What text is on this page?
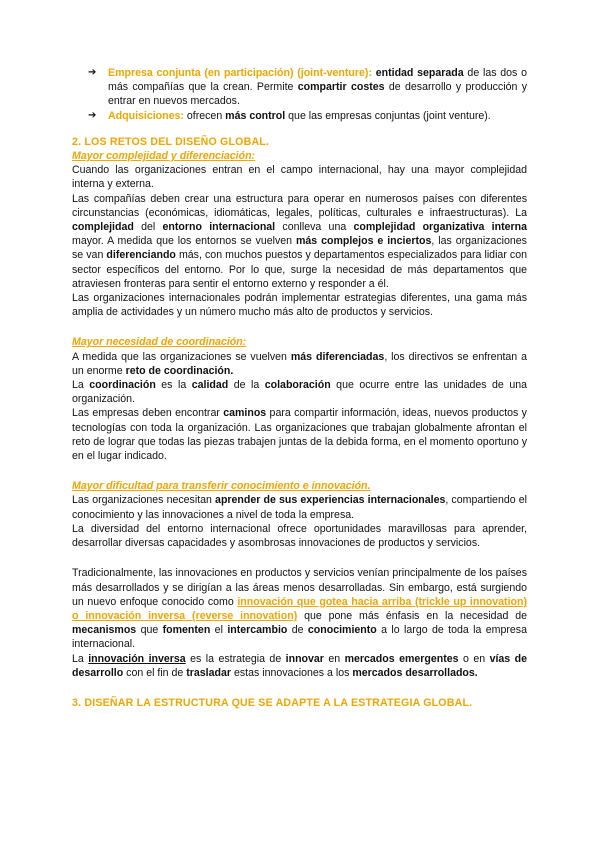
➔	Empresa conjunta (en participación) (joint-venture): entidad separada de las dos o más compañías que la crean. Permite compartir costes de desarrollo y producción y entrar en nuevos mercados.
➔	Adquisiciones: ofrecen más control que las empresas conjuntas (joint venture).
2. LOS RETOS DEL DISEÑO GLOBAL.
Mayor complejidad y diferenciación:

Cuando las organizaciones entran en el campo internacional, hay una mayor complejidad interna y externa.

Las compañías deben crear una estructura para operar en numerosos países con diferentes circunstancias (económicas, idiomáticas, legales, políticas, culturales e infraestructuras). La complejidad del entorno internacional conlleva una complejidad organizativa interna mayor. A medida que los entornos se vuelven más complejos e inciertos, las organizaciones se van diferenciando más, con muchos puestos y departamentos especializados para lidiar con sector específicos del entorno. Por lo que, surge la necesidad de más departamentos que atraviesen fronteras para sentir el entorno externo y responder a él.

Las organizaciones internacionales podrán implementar estrategias diferentes, una gama más amplia de actividades y un número mucho más alto de productos y servicios.

Mayor necesidad de coordinación:

A medida que las organizaciones se vuelven más diferenciadas, los directivos se enfrentan a un enorme reto de coordinación.

La coordinación es la calidad de la colaboración que ocurre entre las unidades de una organización.

Las empresas deben encontrar caminos para compartir información, ideas, nuevos productos y tecnologías con toda la organización. Las organizaciones que trabajan globalmente afrontan el reto de lograr que todas las piezas trabajen juntas de la debida forma, en el momento oportuno y en el lugar indicado.

Mayor dificultad para transferir conocimiento e innovación.

Las organizaciones necesitan aprender de sus experiencias internacionales, compartiendo el conocimiento y las innovaciones a nivel de toda la empresa.

La diversidad del entorno internacional ofrece oportunidades maravillosas para aprender, desarrollar diversas capacidades y asombrosas innovaciones de productos y servicios.

Tradicionalmente, las innovaciones en productos y servicios venían principalmente de los países más desarrollados y se dirigían a las áreas menos desarrolladas. Sin embargo, está surgiendo un nuevo enfoque conocido como innovación que gotea hacia arriba (trickle up innovation) o innovación inversa (reverse innovation) que pone más énfasis en la necesidad de mecanismos que fomenten el intercambio de conocimiento a lo largo de toda la empresa internacional.

La innovación inversa es la estrategia de innovar en mercados emergentes o en vías de desarrollo con el fin de trasladar estas innovaciones a los mercados desarrollados.

3. DISEÑAR LA ESTRUCTURA QUE SE ADAPTE A LA ESTRATEGIA GLOBAL.
